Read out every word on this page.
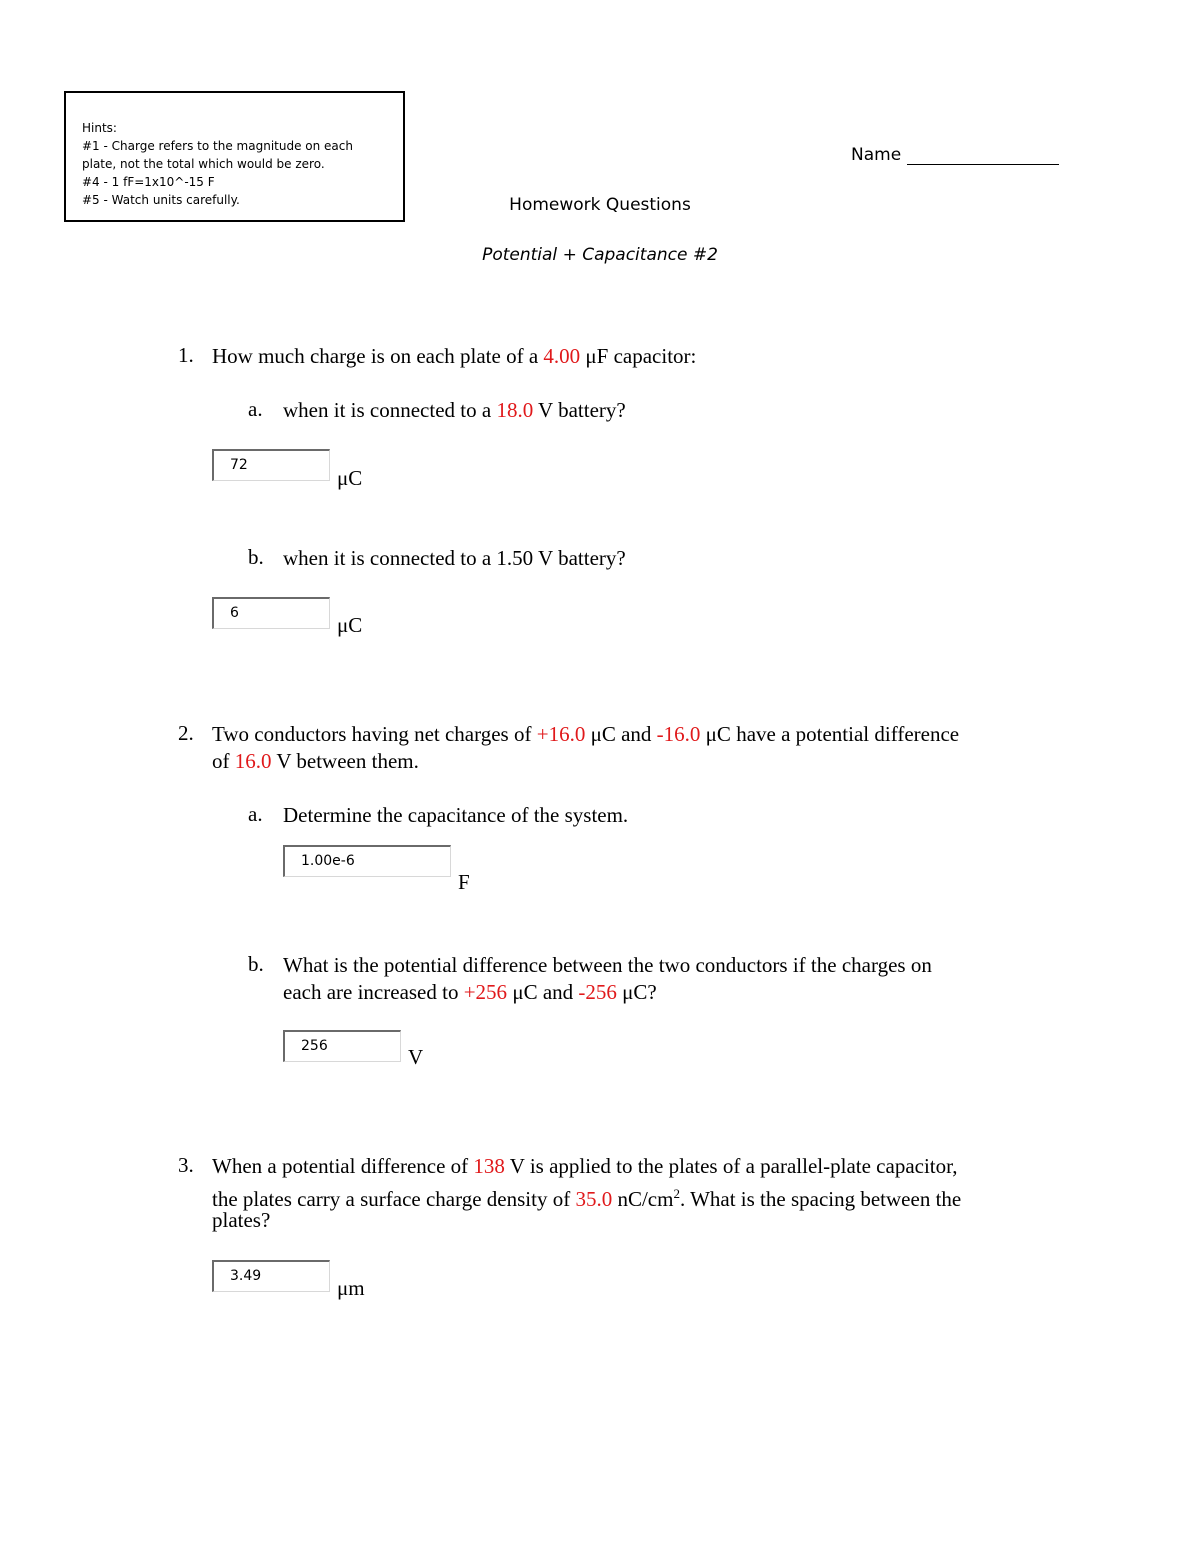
Hints:
#1 - Charge refers to the magnitude on each
plate, not the total which would be zero.
#4 - 1 fF=1x10^-15 F
#5 - Watch units carefully.
Name
Homework Questions
Potential + Capacitance #2
1. How much charge is on each plate of a 4.00 μF capacitor:
a. when it is connected to a 18.0 V battery?
72
μC
b. when it is connected to a 1.50 V battery?
6	μC
2. Two conductors having net charges of +16.0 μC and -16.0 μC have a potential difference
of 16.0 V between them.
a. Determine the capacitance of the system.
1.00e-6
F
b. What is the potential difference between the two conductors if the charges on
each are increased to +256 μC and -256 μC?
256	V
3. When a potential difference of 138 V is applied to the plates of a parallel-plate capacitor,
the plates carry a surface charge density of 35.0 $nC/cm^2$. What is the spacing between the
plates?
3.49	μm
